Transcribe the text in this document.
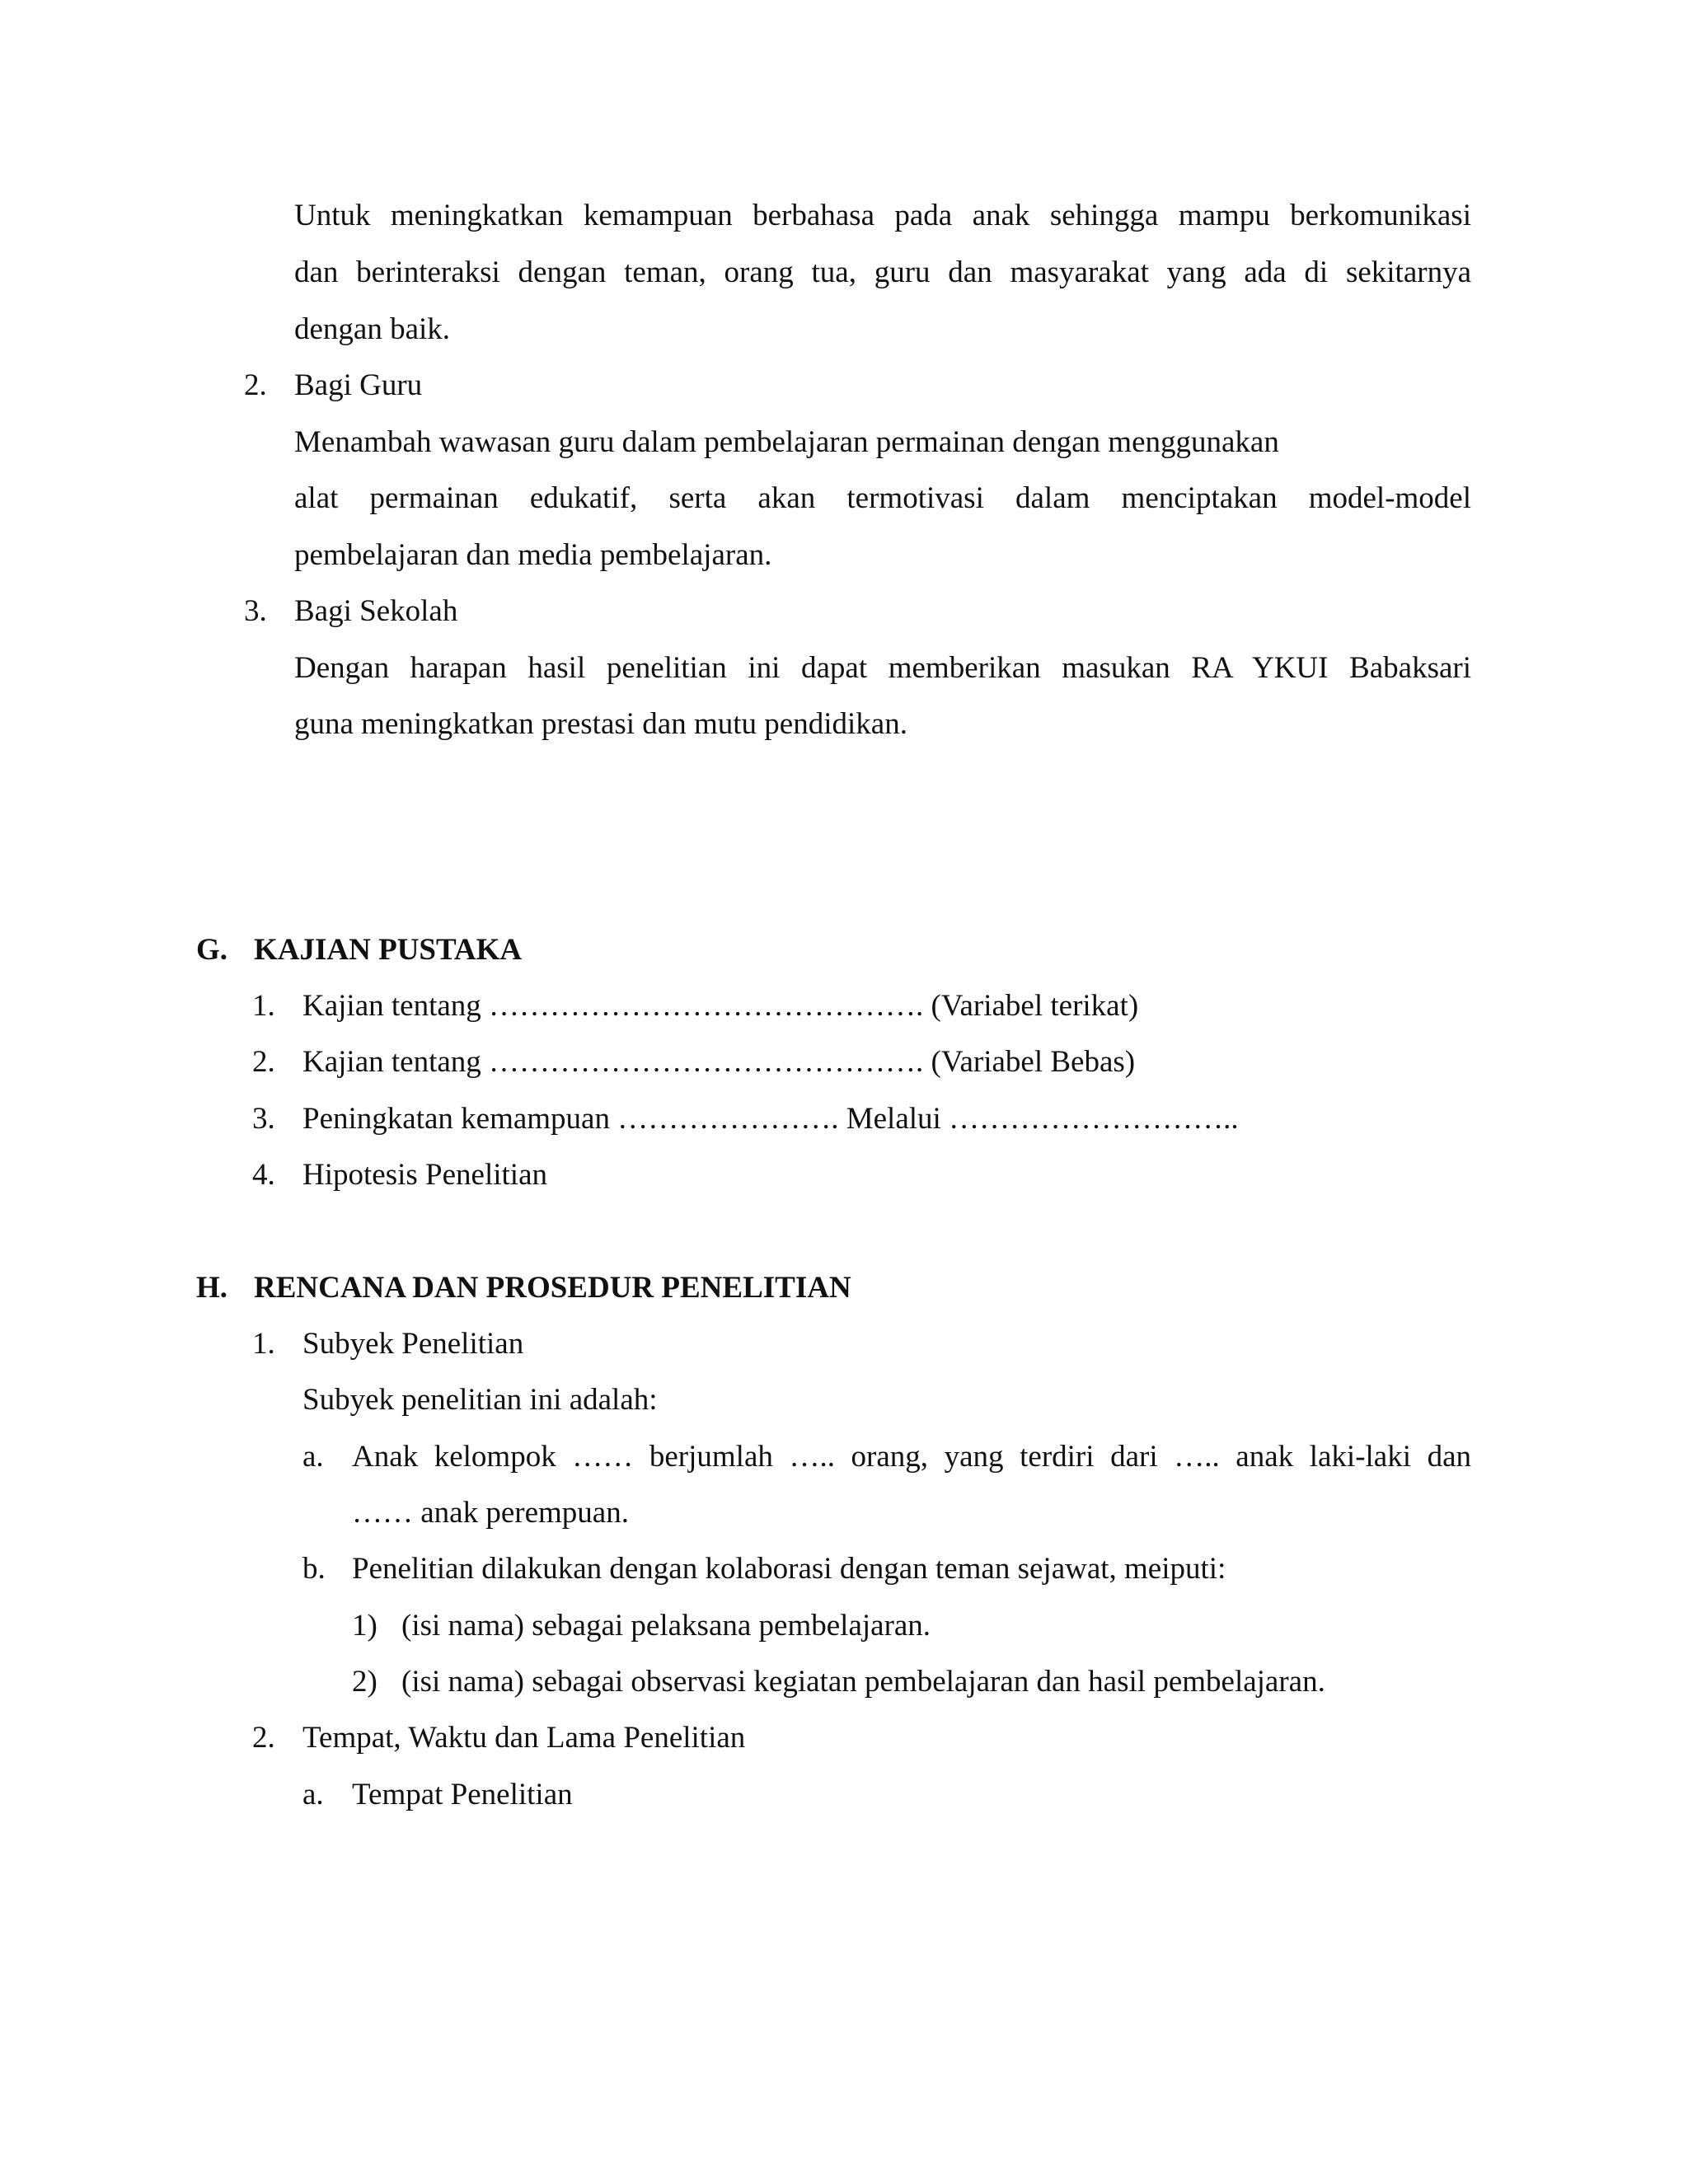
Untuk meningkatkan kemampuan berbahasa pada anak sehingga mampu berkomunikasi
dan berinteraksi dengan teman, orang tua, guru dan masyarakat yang ada di sekitarnya
dengan baik.
2. Bagi Guru
Menambah wawasan guru dalam pembelajaran permainan dengan menggunakan
alat permainan edukatif, serta akan termotivasi dalam menciptakan model-model
pembelajaran dan media pembelajaran.
3. Bagi Sekolah
Dengan harapan hasil penelitian ini dapat memberikan masukan RA YKUI Babaksari
guna meningkatkan prestasi dan mutu pendidikan.
G. KAJIAN PUSTAKA
1. Kajian tentang ……………………………………. (Variabel terikat)
2. Kajian tentang ……………………………………. (Variabel Bebas)
3. Peningkatan kemampuan …………………. Melalui ………………………..
4. Hipotesis Penelitian
H. RENCANA DAN PROSEDUR PENELITIAN
1. Subyek Penelitian
Subyek penelitian ini adalah:
a. Anak kelompok …… berjumlah ….. orang, yang terdiri dari ….. anak laki-laki dan
…… anak perempuan.
b. Penelitian dilakukan dengan kolaborasi dengan teman sejawat, meiputi:
1) (isi nama) sebagai pelaksana pembelajaran.
2) (isi nama) sebagai observasi kegiatan pembelajaran dan hasil pembelajaran.
2. Tempat, Waktu dan Lama Penelitian
a. Tempat Penelitian
